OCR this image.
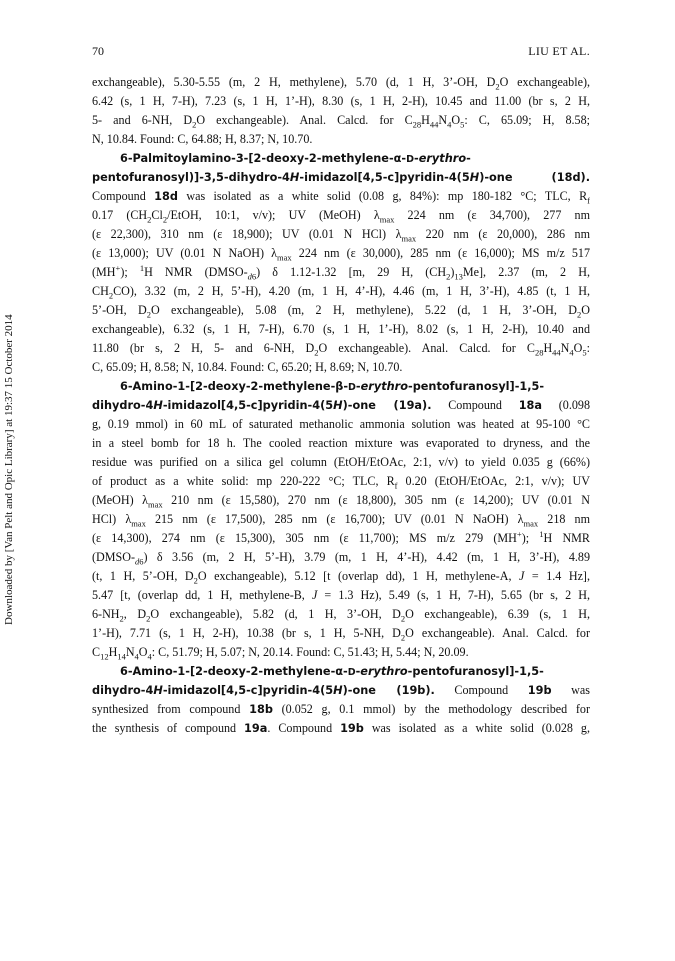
70	LIU ET AL.
Downloaded by [Van Pelt and Opic Library] at 19:37 15 October 2014
exchangeable), 5.30-5.55 (m, 2 H, methylene), 5.70 (d, 1 H, 3’-OH, $D_2O$ exchangeable),
6.42 (s, 1 H, 7-H), 7.23 (s, 1 H, 1’-H), 8.30 (s, 1 H, 2-H), 10.45 and 11.00 (br s, 2 H,
5- and 6-NH, $D_2O$ exchangeable). Anal. Calcd. for $C_{28}H_{44}N_4O_5$: C, 65.09; H, 8.58;
N, 10.84. Found: C, 64.88; H, 8.37; N, 10.70.
6-Palmitoylamino-3-[2-deoxy-2-methylene-α-D-erythro-
pentofuranosyl)]-3,5-dihydro-4H-imidazol[4,5-c]pyridin-4(5H)-one (18d).
Compound 18d was isolated as a white solid (0.08 g, 84%): mp 180-182 °C; TLC, $R_f$
0.17 ($CH_2Cl_2$/EtOH, 10:1, v/v); UV (MeOH) $\lambda_{max}$ 224 nm (ε 34,700), 277 nm
(ε 22,300), 310 nm (ε 18,900); UV (0.01 N HCl) $\lambda_{max}$ 220 nm (ε 20,000), 286 nm
(ε 13,000); UV (0.01 N NaOH) $\lambda_{max}$ 224 nm (ε 30,000), 285 nm (ε 16,000); MS m/z 517
(MH+); $^1$H NMR $(DMSO-_{d6})$ δ 1.12-1.32 [m, 29 H, $(CH_2)_{13}Me$], 2.37 (m, 2 H,
$CH_2CO$), 3.32 (m, 2 H, 5’-H), 4.20 (m, 1 H, 4’-H), 4.46 (m, 1 H, 3’-H), 4.85 (t, 1 H,
5’-OH, $D_2O$ exchangeable), 5.08 (m, 2 H, methylene), 5.22 (d, 1 H, 3’-OH, $D_2O$
exchangeable), 6.32 (s, 1 H, 7-H), 6.70 (s, 1 H, 1’-H), 8.02 (s, 1 H, 2-H), 10.40 and
11.80 (br s, 2 H, 5- and 6-NH, $D_2O$ exchangeable). Anal. Calcd. for $C_{28}H_{44}N_4O_5$:
C, 65.09; H, 8.58; N, 10.84. Found: C, 65.20; H, 8.69; N, 10.70.
6-Amino-1-[2-deoxy-2-methylene-β-D-erythro-pentofuranosyl]-1,5-
dihydro-4H-imidazol[4,5-c]pyridin-4(5H)-one (19a). Compound 18a (0.098
g, 0.19 mmol) in 60 mL of saturated methanolic ammonia solution was heated at 95-100 °C
in a steel bomb for 18 h. The cooled reaction mixture was evaporated to dryness, and the
residue was purified on a silica gel column (EtOH/EtOAc, 2:1, v/v) to yield 0.035 g (66%)
of product as a white solid: mp 220-222 °C; TLC, $R_f$ 0.20 (EtOH/EtOAc, 2:1, v/v); UV
(MeOH) $\lambda_{max}$ 210 nm (ε 15,580), 270 nm (ε 18,800), 305 nm (ε 14,200); UV (0.01 N
HCl) $\lambda_{max}$ 215 nm (ε 17,500), 285 nm (ε 16,700); UV (0.01 N NaOH) $\lambda_{max}$ 218 nm
(ε 14,300), 274 nm (ε 15,300), 305 nm (ε 11,700); MS m/z 279 (MH+); $^1$H NMR
$(DMSO-_{d6})$ δ 3.56 (m, 2 H, 5’-H), 3.79 (m, 1 H, 4’-H), 4.42 (m, 1 H, 3’-H), 4.89
(t, 1 H, 5’-OH, $D_2O$ exchangeable), 5.12 [t (overlap dd), 1 H, methylene-A, J = 1.4 Hz],
5.47 [t, (overlap dd, 1 H, methylene-B, J = 1.3 Hz), 5.49 (s, 1 H, 7-H), 5.65 (br s, 2 H,
$6-NH_2$, $D_2O$ exchangeable), 5.82 (d, 1 H, 3’-OH, $D_2O$ exchangeable), 6.39 (s, 1 H,
1’-H), 7.71 (s, 1 H, 2-H), 10.38 (br s, 1 H, 5-NH, $D_2O$ exchangeable). Anal. Calcd. for
$C_{12}H_{14}N_4O_4$: C, 51.79; H, 5.07; N, 20.14. Found: C, 51.43; H, 5.44; N, 20.09.
6-Amino-1-[2-deoxy-2-methylene-α-D-erythro-pentofuranosyl]-1,5-
dihydro-4H-imidazol[4,5-c]pyridin-4(5H)-one (19b). Compound 19b was
synthesized from compound 18b (0.052 g, 0.1 mmol) by the methodology described for
the synthesis of compound 19a. Compound 19b was isolated as a white solid (0.028 g,
